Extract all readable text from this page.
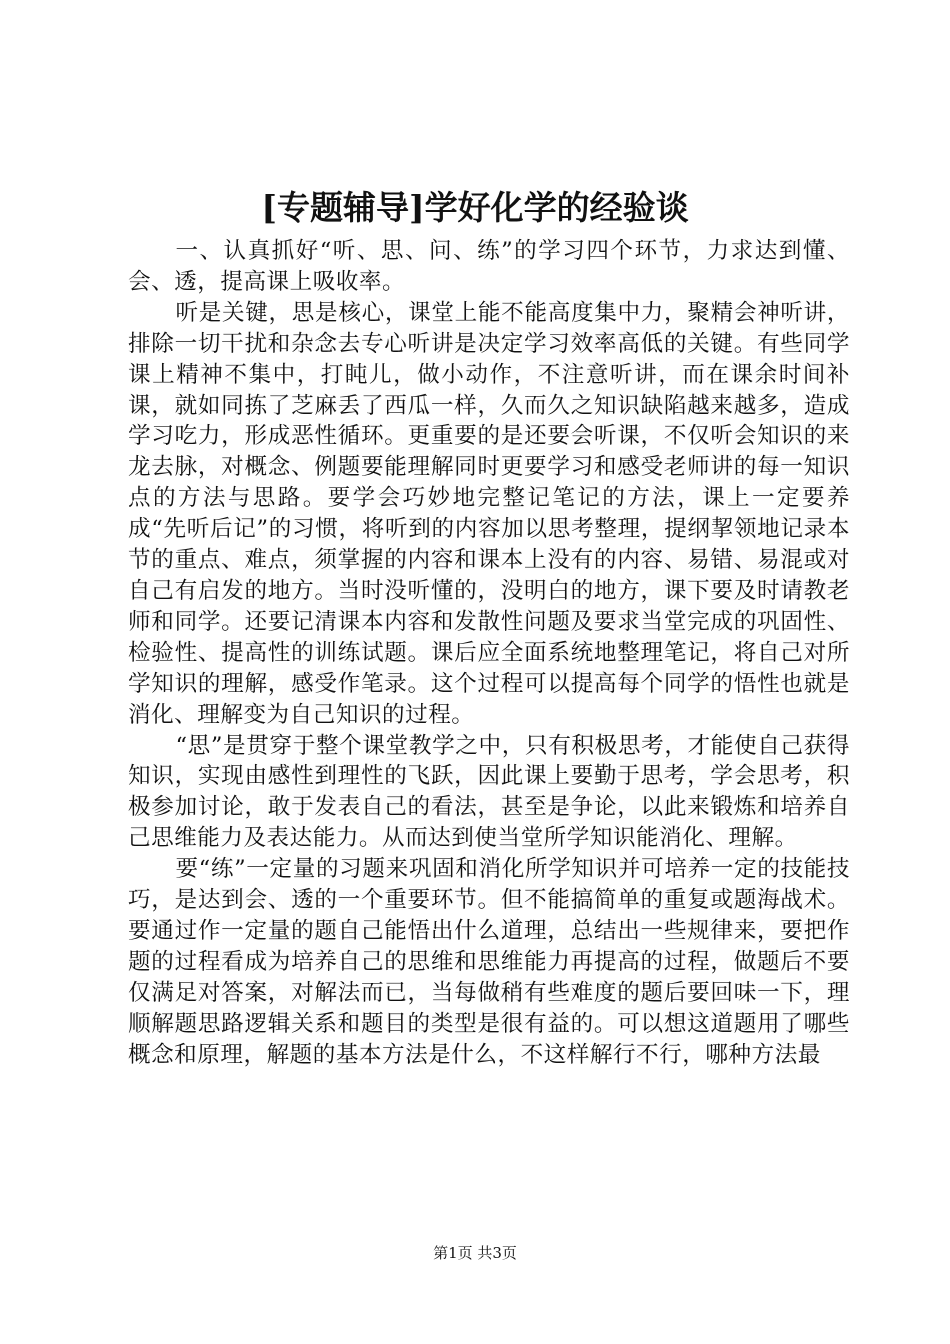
[专题辅导]学好化学的经验谈

一、认真抓好“听、思、问、练”的学习四个环节，力求达到懂、会、透，提高课上吸收率。

听是关键，思是核心，课堂上能不能高度集中力，聚精会神听讲，排除一切干扰和杂念去专心听讲是决定学习效率高低的关键。有些同学课上精神不集中，打盹儿，做小动作，不注意听讲，而在课余时间补课，就如同拣了芝麻丢了西瓜一样，久而久之知识缺陷越来越多，造成学习吃力，形成恶性循环。更重要的是还要会听课，不仅听会知识的来龙去脉，对概念、例题要能理解同时更要学习和感受老师讲的每一知识点的方法与思路。要学会巧妙地完整记笔记的方法，课上一定要养成“先听后记”的习惯，将听到的内容加以思考整理，提纲挈领地记录本节的重点、难点，须掌握的内容和课本上没有的内容、易错、易混或对自己有启发的地方。当时没听懂的，没明白的地方，课下要及时请教老师和同学。还要记清课本内容和发散性问题及要求当堂完成的巩固性、检验性、提高性的训练试题。课后应全面系统地整理笔记，将自己对所学知识的理解，感受作笔录。这个过程可以提高每个同学的悟性也就是消化、理解变为自己知识的过程。

“思”是贯穿于整个课堂教学之中，只有积极思考，才能使自己获得知识，实现由感性到理性的飞跃，因此课上要勤于思考，学会思考，积极参加讨论，敢于发表自己的看法，甚至是争论，以此来锻炼和培养自己思维能力及表达能力。从而达到使当堂所学知识能消化、理解。

要“练”一定量的习题来巩固和消化所学知识并可培养一定的技能技巧，是达到会、透的一个重要环节。但不能搞简单的重复或题海战术。要通过作一定量的题自己能悟出什么道理，总结出一些规律来，要把作题的过程看成为培养自己的思维和思维能力再提高的过程，做题后不要仅满足对答案，对解法而已，当每做稍有些难度的题后要回味一下，理顺解题思路逻辑关系和题目的类型是很有益的。可以想这道题用了哪些概念和原理，解题的基本方法是什么，不这样解行不行，哪种方法最

第1页 共3页
